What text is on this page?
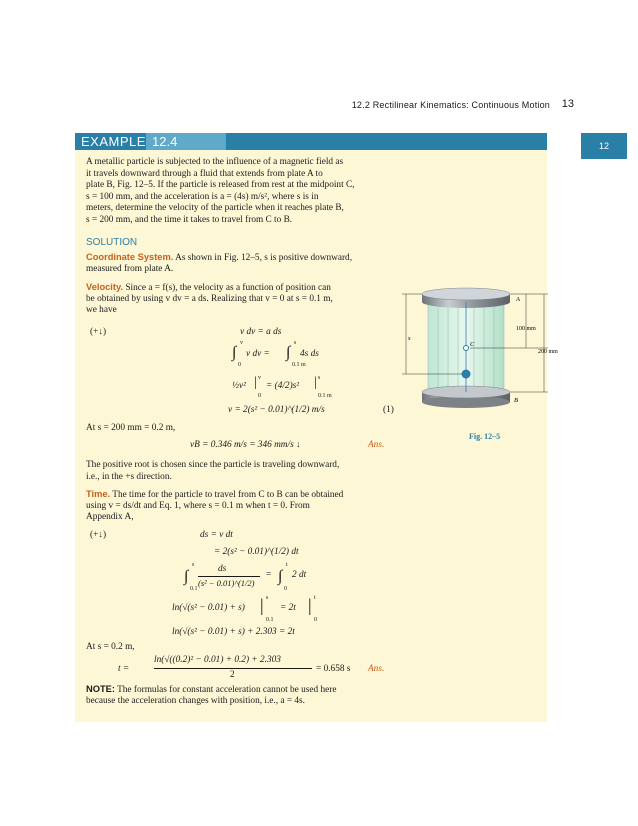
12.2 Rectilinear Kinematics: Continuous Motion 13
12
EXAMPLE 12.4
A metallic particle is subjected to the influence of a magnetic field as
it travels downward through a fluid that extends from plate A to
plate B, Fig. 12–5. If the particle is released from rest at the midpoint C,
s = 100 mm, and the acceleration is a = (4s) m/s², where s is in
meters, determine the velocity of the particle when it reaches plate B,
s = 200 mm, and the time it takes to travel from C to B.
SOLUTION
Coordinate System. As shown in Fig. 12–5, s is positive downward,
measured from plate A.
Velocity. Since a = f(s), the velocity as a function of position can
be obtained by using v dv = a ds. Realizing that v = 0 at s = 0.1 m,
we have
(+↓)	v dv = a ds
∫
v
0
v dv = ∫
s
0.1 m
4s ds
½v² | v
0
= (4/2)s² | s
0.1 m
v = 2(s² − 0.01)^(1/2) m/s	(1)
At s = 200 mm = 0.2 m,
vB = 0.346 m/s = 346 mm/s ↓	Ans.
The positive root is chosen since the particle is traveling downward,
i.e., in the +s direction.
Time. The time for the particle to travel from C to B can be obtained
using v = ds/dt and Eq. 1, where s = 0.1 m when t = 0. From
Appendix A,
(+↓)	ds = v dt
= 2(s² − 0.01)^(1/2) dt
∫
s
0.1
ds
(s² − 0.01)^(1/2)
= ∫
t
0
2 dt
ln(√(s² − 0.01) + s) | s
0.1
= 2t | t
0
ln(√(s² − 0.01) + s) + 2.303 = 2t
At s = 0.2 m,
t =
ln(√((0.2)² − 0.01) + 0.2) + 2.303
2
= 0.658 s Ans.
NOTE: The formulas for constant acceleration cannot be used here
because the acceleration changes with position, i.e., a = 4s.
A
B
C
s
100 mm
200 mm
Fig. 12–5
